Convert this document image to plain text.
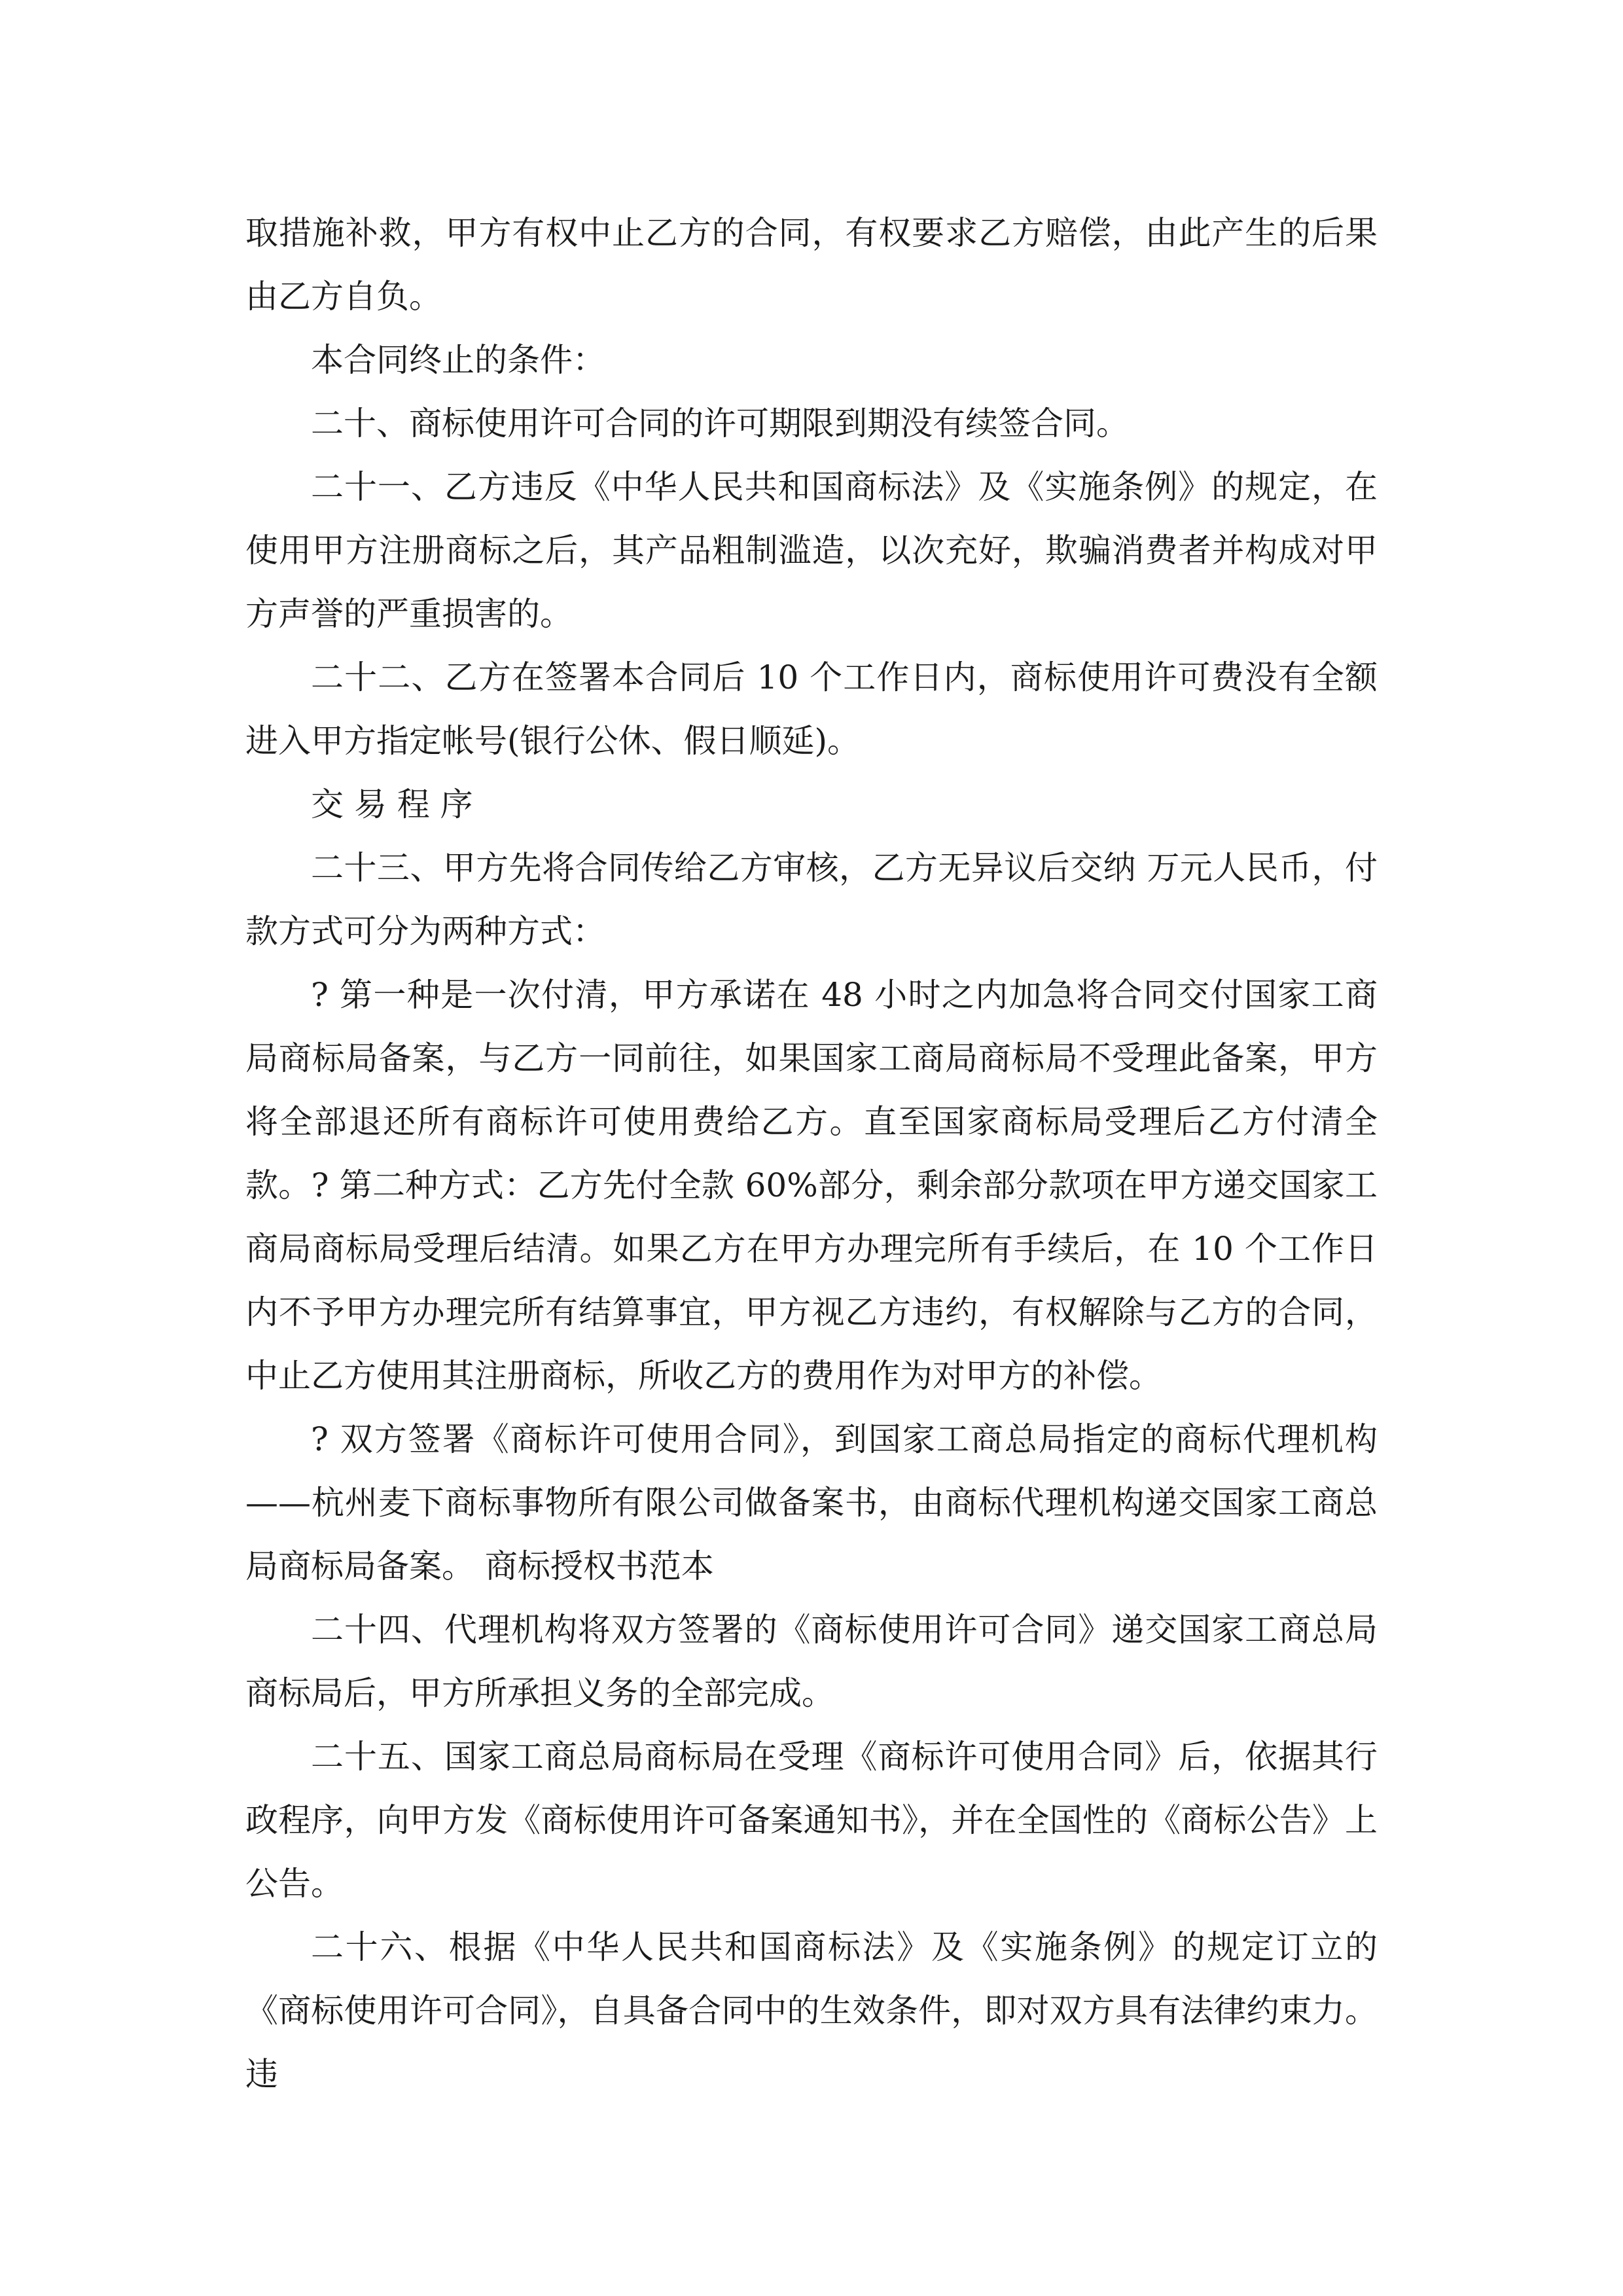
取措施补救，甲方有权中止乙方的合同，有权要求乙方赔偿，由此产生的后果由乙方自负。

本合同终止的条件：

二十、商标使用许可合同的许可期限到期没有续签合同。

二十一、乙方违反《中华人民共和国商标法》及《实施条例》的规定，在使用甲方注册商标之后，其产品粗制滥造，以次充好，欺骗消费者并构成对甲方声誉的严重损害的。

二十二、乙方在签署本合同后 10 个工作日内，商标使用许可费没有全额进入甲方指定帐号(银行公休、假日顺延)。

交 易 程 序

二十三、甲方先将合同传给乙方审核，乙方无异议后交纳 万元人民币，付款方式可分为两种方式：

? 第一种是一次付清，甲方承诺在 48 小时之内加急将合同交付国家工商局商标局备案，与乙方一同前往，如果国家工商局商标局不受理此备案，甲方将全部退还所有商标许可使用费给乙方。直至国家商标局受理后乙方付清全款。? 第二种方式：乙方先付全款 60%部分，剩余部分款项在甲方递交国家工商局商标局受理后结清。如果乙方在甲方办理完所有手续后，在 10 个工作日内不予甲方办理完所有结算事宜，甲方视乙方违约，有权解除与乙方的合同，中止乙方使用其注册商标，所收乙方的费用作为对甲方的补偿。

? 双方签署《商标许可使用合同》，到国家工商总局指定的商标代理机构——杭州麦下商标事物所有限公司做备案书，由商标代理机构递交国家工商总局商标局备案。 商标授权书范本

二十四、代理机构将双方签署的《商标使用许可合同》递交国家工商总局商标局后，甲方所承担义务的全部完成。

二十五、国家工商总局商标局在受理《商标许可使用合同》后，依据其行政程序，向甲方发《商标使用许可备案通知书》，并在全国性的《商标公告》上公告。

二十六、根据《中华人民共和国商标法》及《实施条例》的规定订立的《商标使用许可合同》，自具备合同中的生效条件，即对双方具有法律约束力。违
